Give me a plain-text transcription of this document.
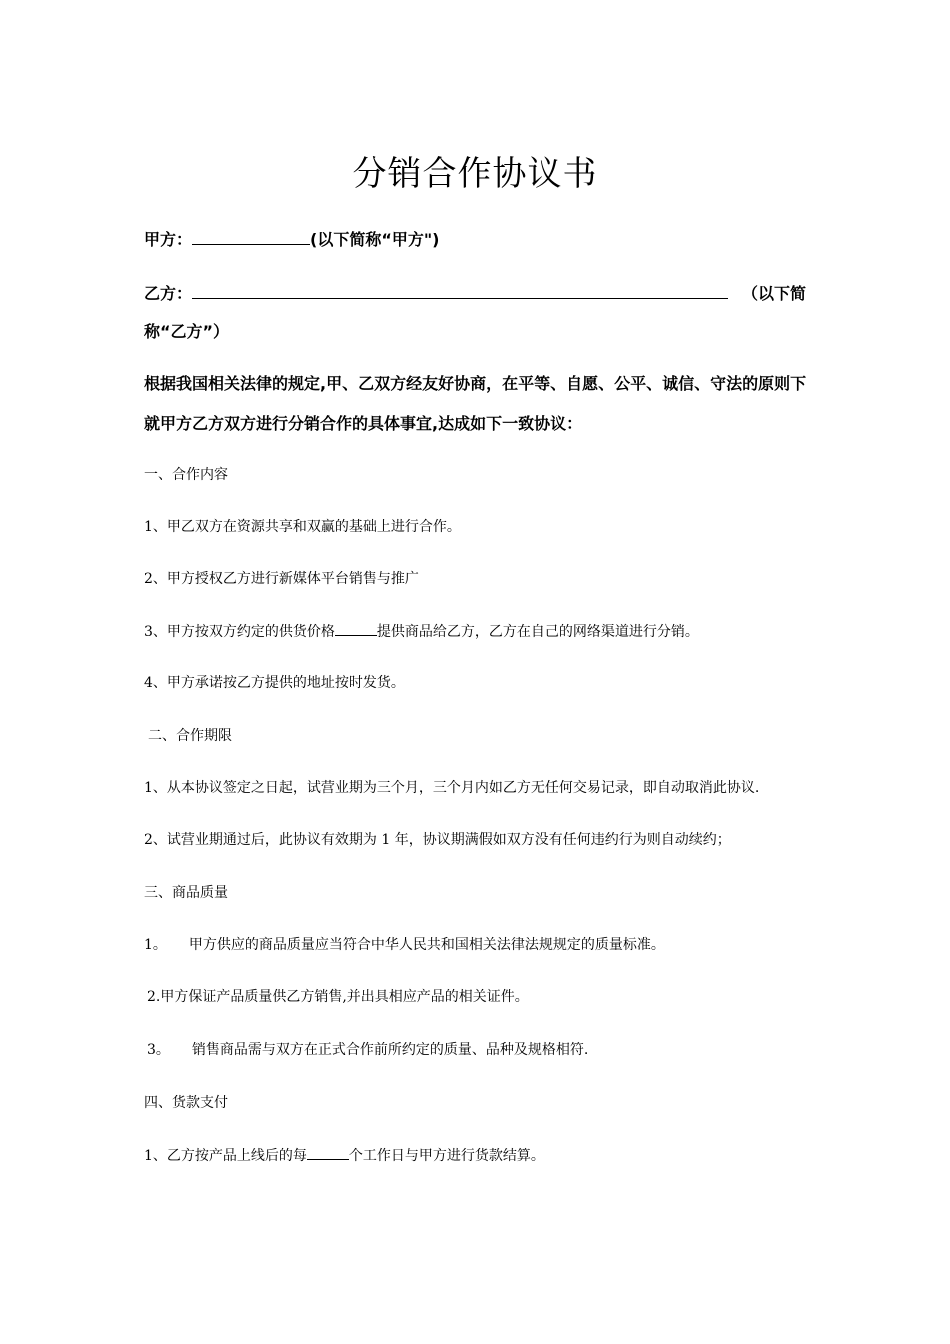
分销合作协议书
甲方：	(以下简称“甲方")
乙方：	（以下简
称“乙方”）
根据我国相关法律的规定,甲、乙双方经友好协商，在平等、自愿、公平、诚信、守法的原则下就甲方乙方双方进行分销合作的具体事宜,达成如下一致协议：
一、合作内容
1、甲乙双方在资源共享和双赢的基础上进行合作。
2、甲方授权乙方进行新媒体平台销售与推广
3、甲方按双方约定的供货价格	提供商品给乙方，乙方在自己的网络渠道进行分销。
4、甲方承诺按乙方提供的地址按时发货。
二、合作期限
1、从本协议签定之日起，试营业期为三个月，三个月内如乙方无任何交易记录，即自动取消此协议.
2、试营业期通过后，此协议有效期为 1 年，协议期满假如双方没有任何违约行为则自动续约；
三、商品质量
1。 甲方供应的商品质量应当符合中华人民共和国相关法律法规规定的质量标准。
2.甲方保证产品质量供乙方销售,并出具相应产品的相关证件。
3。 销售商品需与双方在正式合作前所约定的质量、品种及规格相符.
四、货款支付
1、乙方按产品上线后的每	个工作日与甲方进行货款结算。
